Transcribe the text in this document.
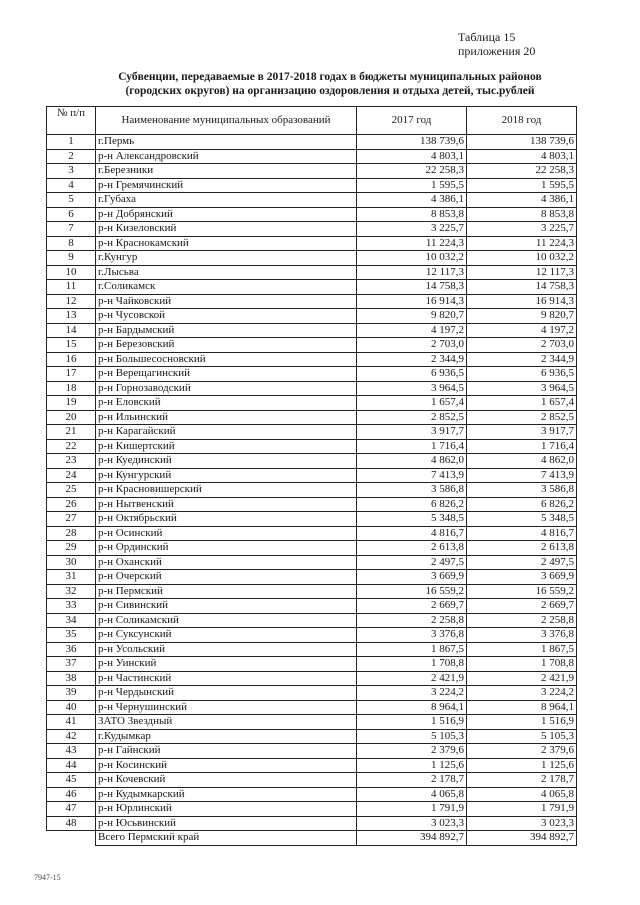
Таблица 15
приложения 20
Субвенции, передаваемые в 2017-2018 годах в бюджеты муниципальных районов
(городских округов) на организацию оздоровления и отдыха детей, тыс.рублей
№ п/п	Наименование муниципальных образований	2017 год	2018 год
1	г.Пермь	138 739,6	138 739,6
2	р-н Александровский	4 803,1	4 803,1
3	г.Березники	22 258,3	22 258,3
4	р-н Гремячинский	1 595,5	1 595,5
5	г.Губаха	4 386,1	4 386,1
6	р-н Добрянский	8 853,8	8 853,8
7	р-н Кизеловский	3 225,7	3 225,7
8	р-н Краснокамский	11 224,3	11 224,3
9	г.Кунгур	10 032,2	10 032,2
10	г.Лысьва	12 117,3	12 117,3
11	г.Соликамск	14 758,3	14 758,3
12	р-н Чайковский	16 914,3	16 914,3
13	р-н Чусовской	9 820,7	9 820,7
14	р-н Бардымский	4 197,2	4 197,2
15	р-н Березовский	2 703,0	2 703,0
16	р-н Большесосновский	2 344,9	2 344,9
17	р-н Верещагинский	6 936,5	6 936,5
18	р-н Горнозаводский	3 964,5	3 964,5
19	р-н Еловский	1 657,4	1 657,4
20	р-н Ильинский	2 852,5	2 852,5
21	р-н Карагайский	3 917,7	3 917,7
22	р-н Кишертский	1 716,4	1 716,4
23	р-н Куединский	4 862,0	4 862,0
24	р-н Кунгурский	7 413,9	7 413,9
25	р-н Красновишерский	3 586,8	3 586,8
26	р-н Нытвенский	6 826,2	6 826,2
27	р-н Октябрьский	5 348,5	5 348,5
28	р-н Осинский	4 816,7	4 816,7
29	р-н Ординский	2 613,8	2 613,8
30	р-н Оханский	2 497,5	2 497,5
31	р-н Очерский	3 669,9	3 669,9
32	р-н Пермский	16 559,2	16 559,2
33	р-н Сивинский	2 669,7	2 669,7
34	р-н Соликамский	2 258,8	2 258,8
35	р-н Суксунский	3 376,8	3 376,8
36	р-н Усольский	1 867,5	1 867,5
37	р-н Уинский	1 708,8	1 708,8
38	р-н Частинский	2 421,9	2 421,9
39	р-н Чердынский	3 224,2	3 224,2
40	р-н Чернушинский	8 964,1	8 964,1
41	ЗАТО Звездный	1 516,9	1 516,9
42	г.Кудымкар	5 105,3	5 105,3
43	р-н Гайнский	2 379,6	2 379,6
44	р-н Косинский	1 125,6	1 125,6
45	р-н Кочевский	2 178,7	2 178,7
46	р-н Кудымкарский	4 065,8	4 065,8
47	р-н Юрлинский	1 791,9	1 791,9
48	р-н Юсьвинский	3 023,3	3 023,3
	Всего Пермский край	394 892,7	394 892,7
7947-15
